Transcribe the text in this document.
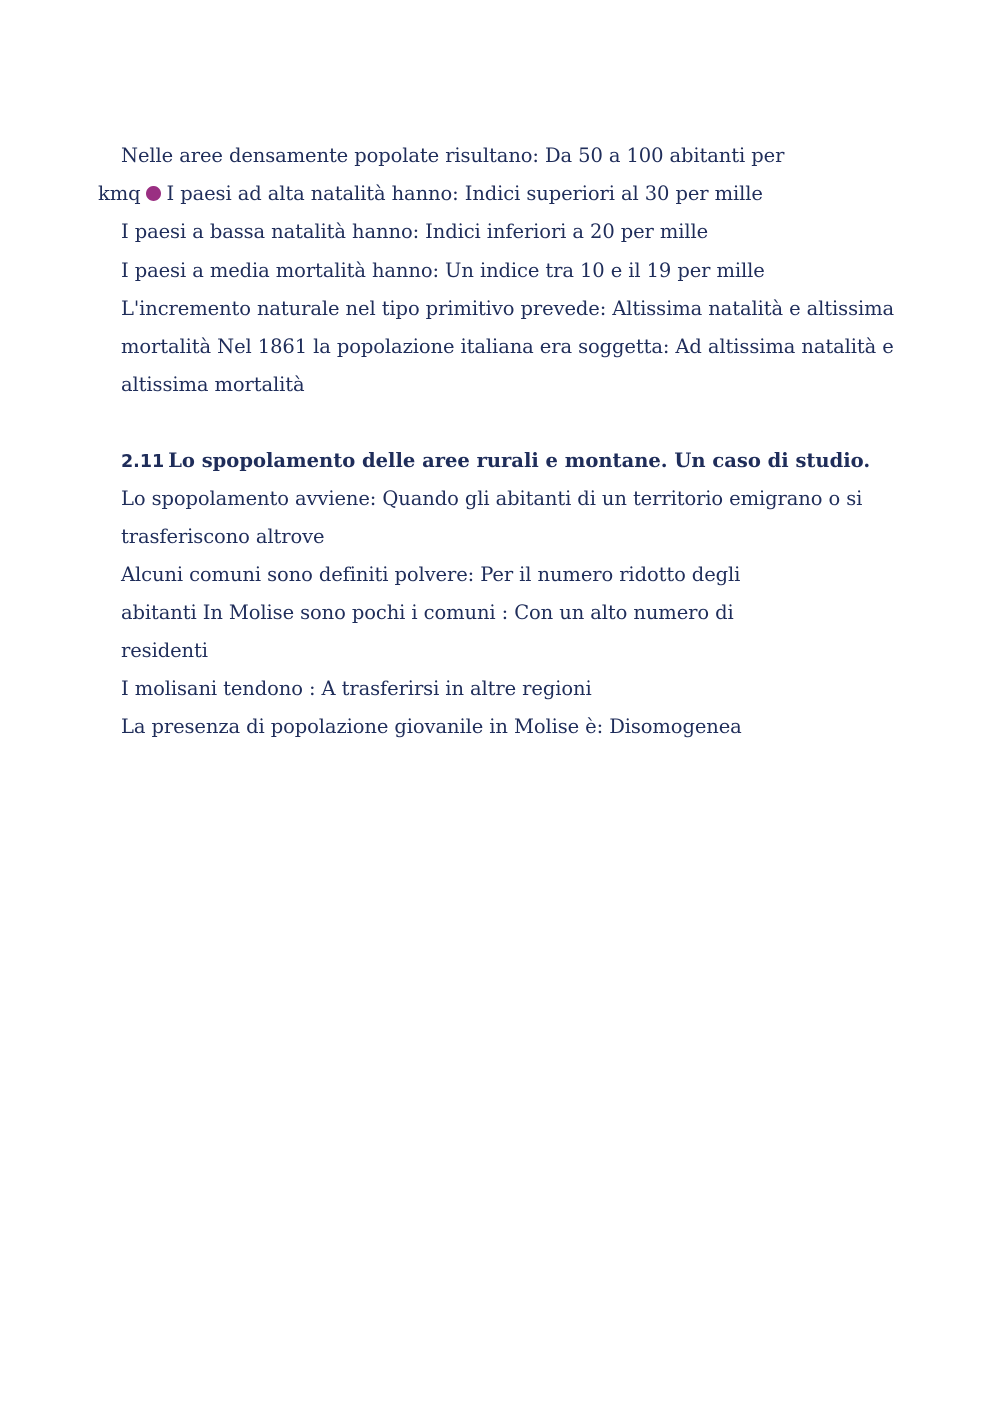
Nelle aree densamente popolate risultano: Da 50 a 100 abitanti per
kmq I paesi ad alta natalità hanno: Indici superiori al 30 per mille
I paesi a bassa natalità hanno: Indici inferiori a 20 per mille
I paesi a media mortalità hanno: Un indice tra 10 e il 19 per mille
L'incremento naturale nel tipo primitivo prevede: Altissima natalità e altissima
mortalità Nel 1861 la popolazione italiana era soggetta: Ad altissima natalità e
altissima mortalità
2.11 Lo spopolamento delle aree rurali e montane. Un caso di studio.
Lo spopolamento avviene: Quando gli abitanti di un territorio emigrano o si
trasferiscono altrove
Alcuni comuni sono definiti polvere: Per il numero ridotto degli
abitanti In Molise sono pochi i comuni : Con un alto numero di
residenti
I molisani tendono : A trasferirsi in altre regioni
La presenza di popolazione giovanile in Molise è: Disomogenea
